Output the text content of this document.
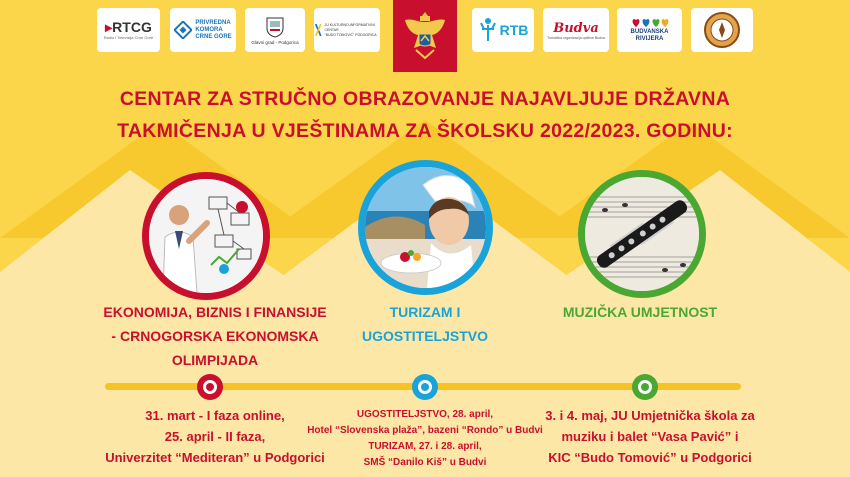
▸RTCG
Radio i Televizija Crne Gore
PRIVREDNA
KOMORA
CRNE GORE
Glavni grad - Podgorica
JU KULTURNO-INFORMATIVNI CENTAR
"BUDO TOMOVIĆ" PODGORICA	RTB Budva
Turistička organizacija opštine Budva
BUDVANSKA
RIVIJERA
CENTAR ZA STRUČNO OBRAZOVANJE NAJAVLJUJE DRŽAVNA
TAKMIČENJA U VJEŠTINAMA ZA ŠKOLSKU 2022/2023. GODINU:
EKONOMIJA, BIZNIS I FINANSIJE
- CRNOGORSKA EKONOMSKA
OLIMPIJADA
TURIZAM I
UGOSTITELJSTVO
MUZIČKA UMJETNOST
31. mart - I faza online,
25. april - II faza,
Univerzitet “Mediteran” u Podgorici
UGOSTITELJSTVO, 28. april,
Hotel “Slovenska plaža”, bazeni “Rondo” u Budvi
TURIZAM, 27. i 28. april,
SMŠ “Danilo Kiš” u Budvi
3. i 4. maj, JU Umjetnička škola za
muziku i balet “Vasa Pavić” i
KIC “Budo Tomović” u Podgorici
